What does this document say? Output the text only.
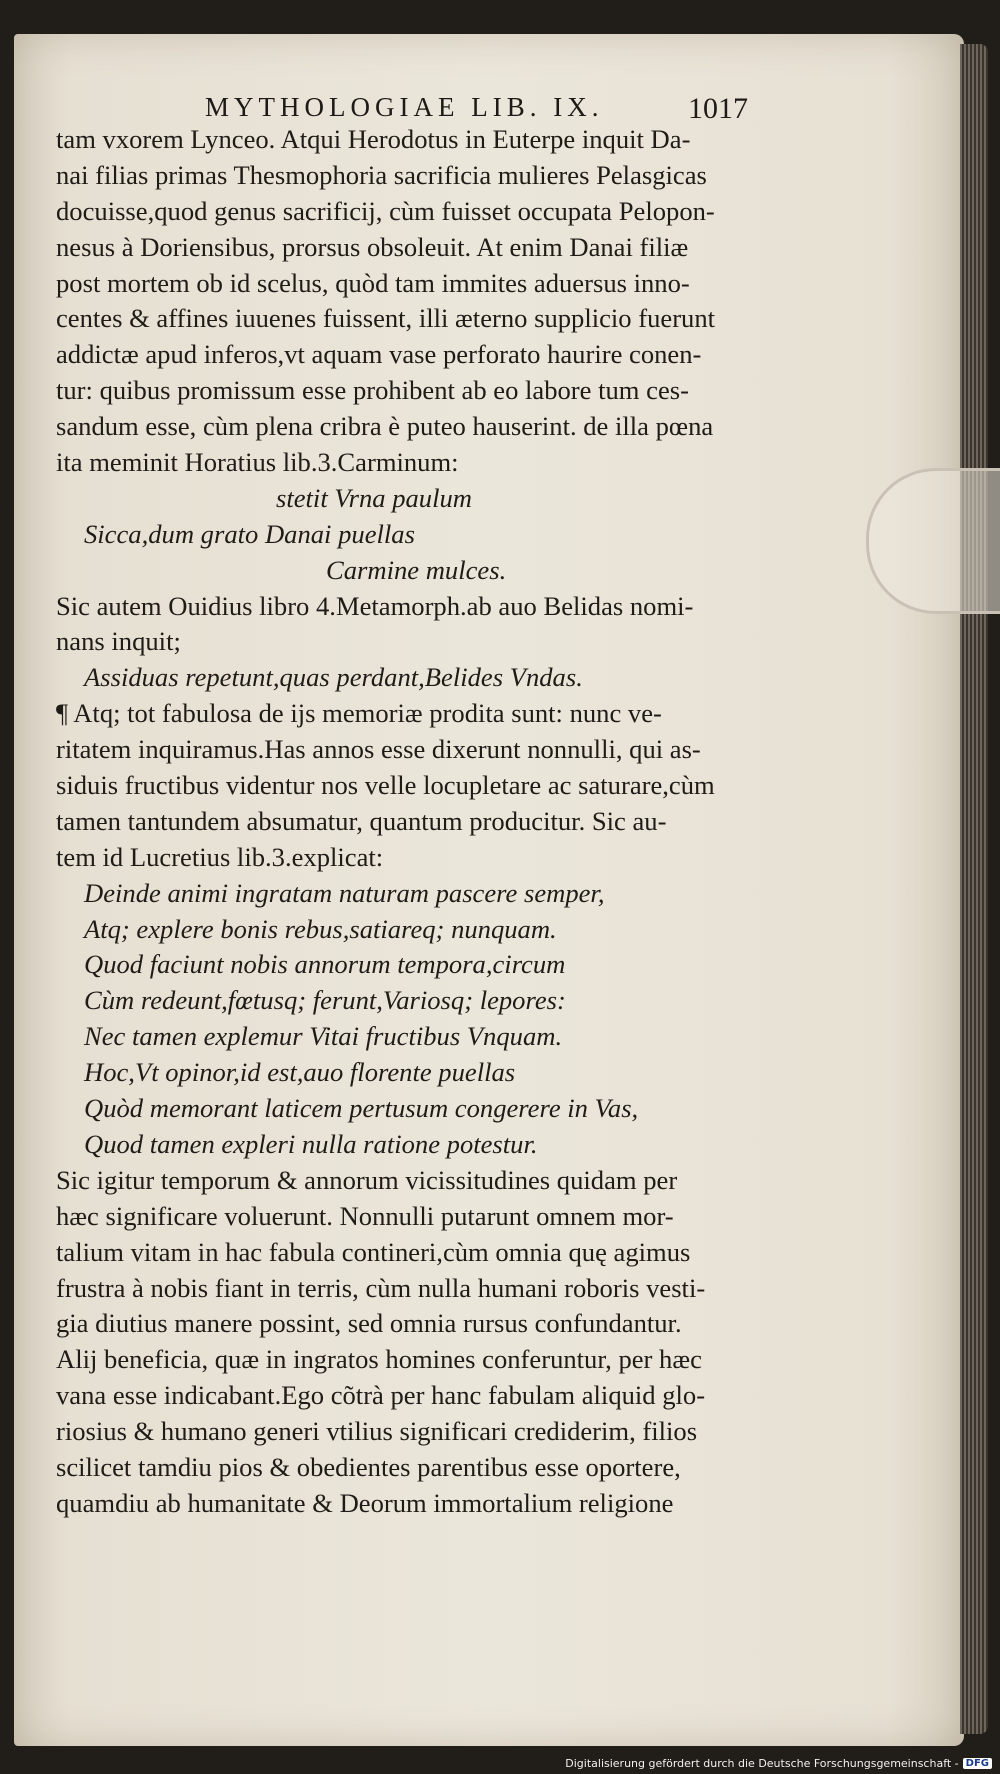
MYTHOLOGIAE LIB. IX.	1017
tam vxorem Lynceo. Atqui Herodotus in Euterpe inquit Da-
nai filias primas Thesmophoria sacrificia mulieres Pelasgicas
docuisse,quod genus sacrificij, cùm fuisset occupata Pelopon-
nesus à Doriensibus, prorsus obsoleuit. At enim Danai filiæ
post mortem ob id scelus, quòd tam immites aduersus inno-
centes & affines iuuenes fuissent, illi æterno supplicio fuerunt
addictæ apud inferos,vt aquam vase perforato haurire conen-
tur: quibus promissum esse prohibent ab eo labore tum ces-
sandum esse, cùm plena cribra è puteo hauserint. de illa pœna
ita meminit Horatius lib.3.Carminum:
stetit Vrna paulum
Sicca,dum grato Danai puellas
Carmine mulces.
Sic autem Ouidius libro 4.Metamorph.ab auo Belidas nomi-
nans inquit;
Assiduas repetunt,quas perdant,Belides Vndas.
¶ Atq; tot fabulosa de ijs memoriæ prodita sunt: nunc ve-
ritatem inquiramus.Has annos esse dixerunt nonnulli, qui as-
siduis fructibus videntur nos velle locupletare ac saturare,cùm
tamen tantundem absumatur, quantum producitur. Sic au-
tem id Lucretius lib.3.explicat:
Deinde animi ingratam naturam pascere semper,
Atq; explere bonis rebus,satiareq; nunquam.
Quod faciunt nobis annorum tempora,circum
Cùm redeunt,fœtusq; ferunt,Variosq; lepores:
Nec tamen explemur Vitai fructibus Vnquam.
Hoc,Vt opinor,id est,auo florente puellas
Quòd memorant laticem pertusum congerere in Vas,
Quod tamen expleri nulla ratione potestur.
Sic igitur temporum & annorum vicissitudines quidam per
hæc significare voluerunt. Nonnulli putarunt omnem mor-
talium vitam in hac fabula contineri,cùm omnia quę agimus
frustra à nobis fiant in terris, cùm nulla humani roboris vesti-
gia diutius manere possint, sed omnia rursus confundantur.
Alij beneficia, quæ in ingratos homines conferuntur, per hæc
vana esse indicabant.Ego cõtrà per hanc fabulam aliquid glo-
riosius & humano generi vtilius significari crediderim, filios
scilicet tamdiu pios & obedientes parentibus esse oportere,
quamdiu ab humanitate & Deorum immortalium religione
Digitalisierung gefördert durch die Deutsche Forschungsgemeinschaft - DFG
